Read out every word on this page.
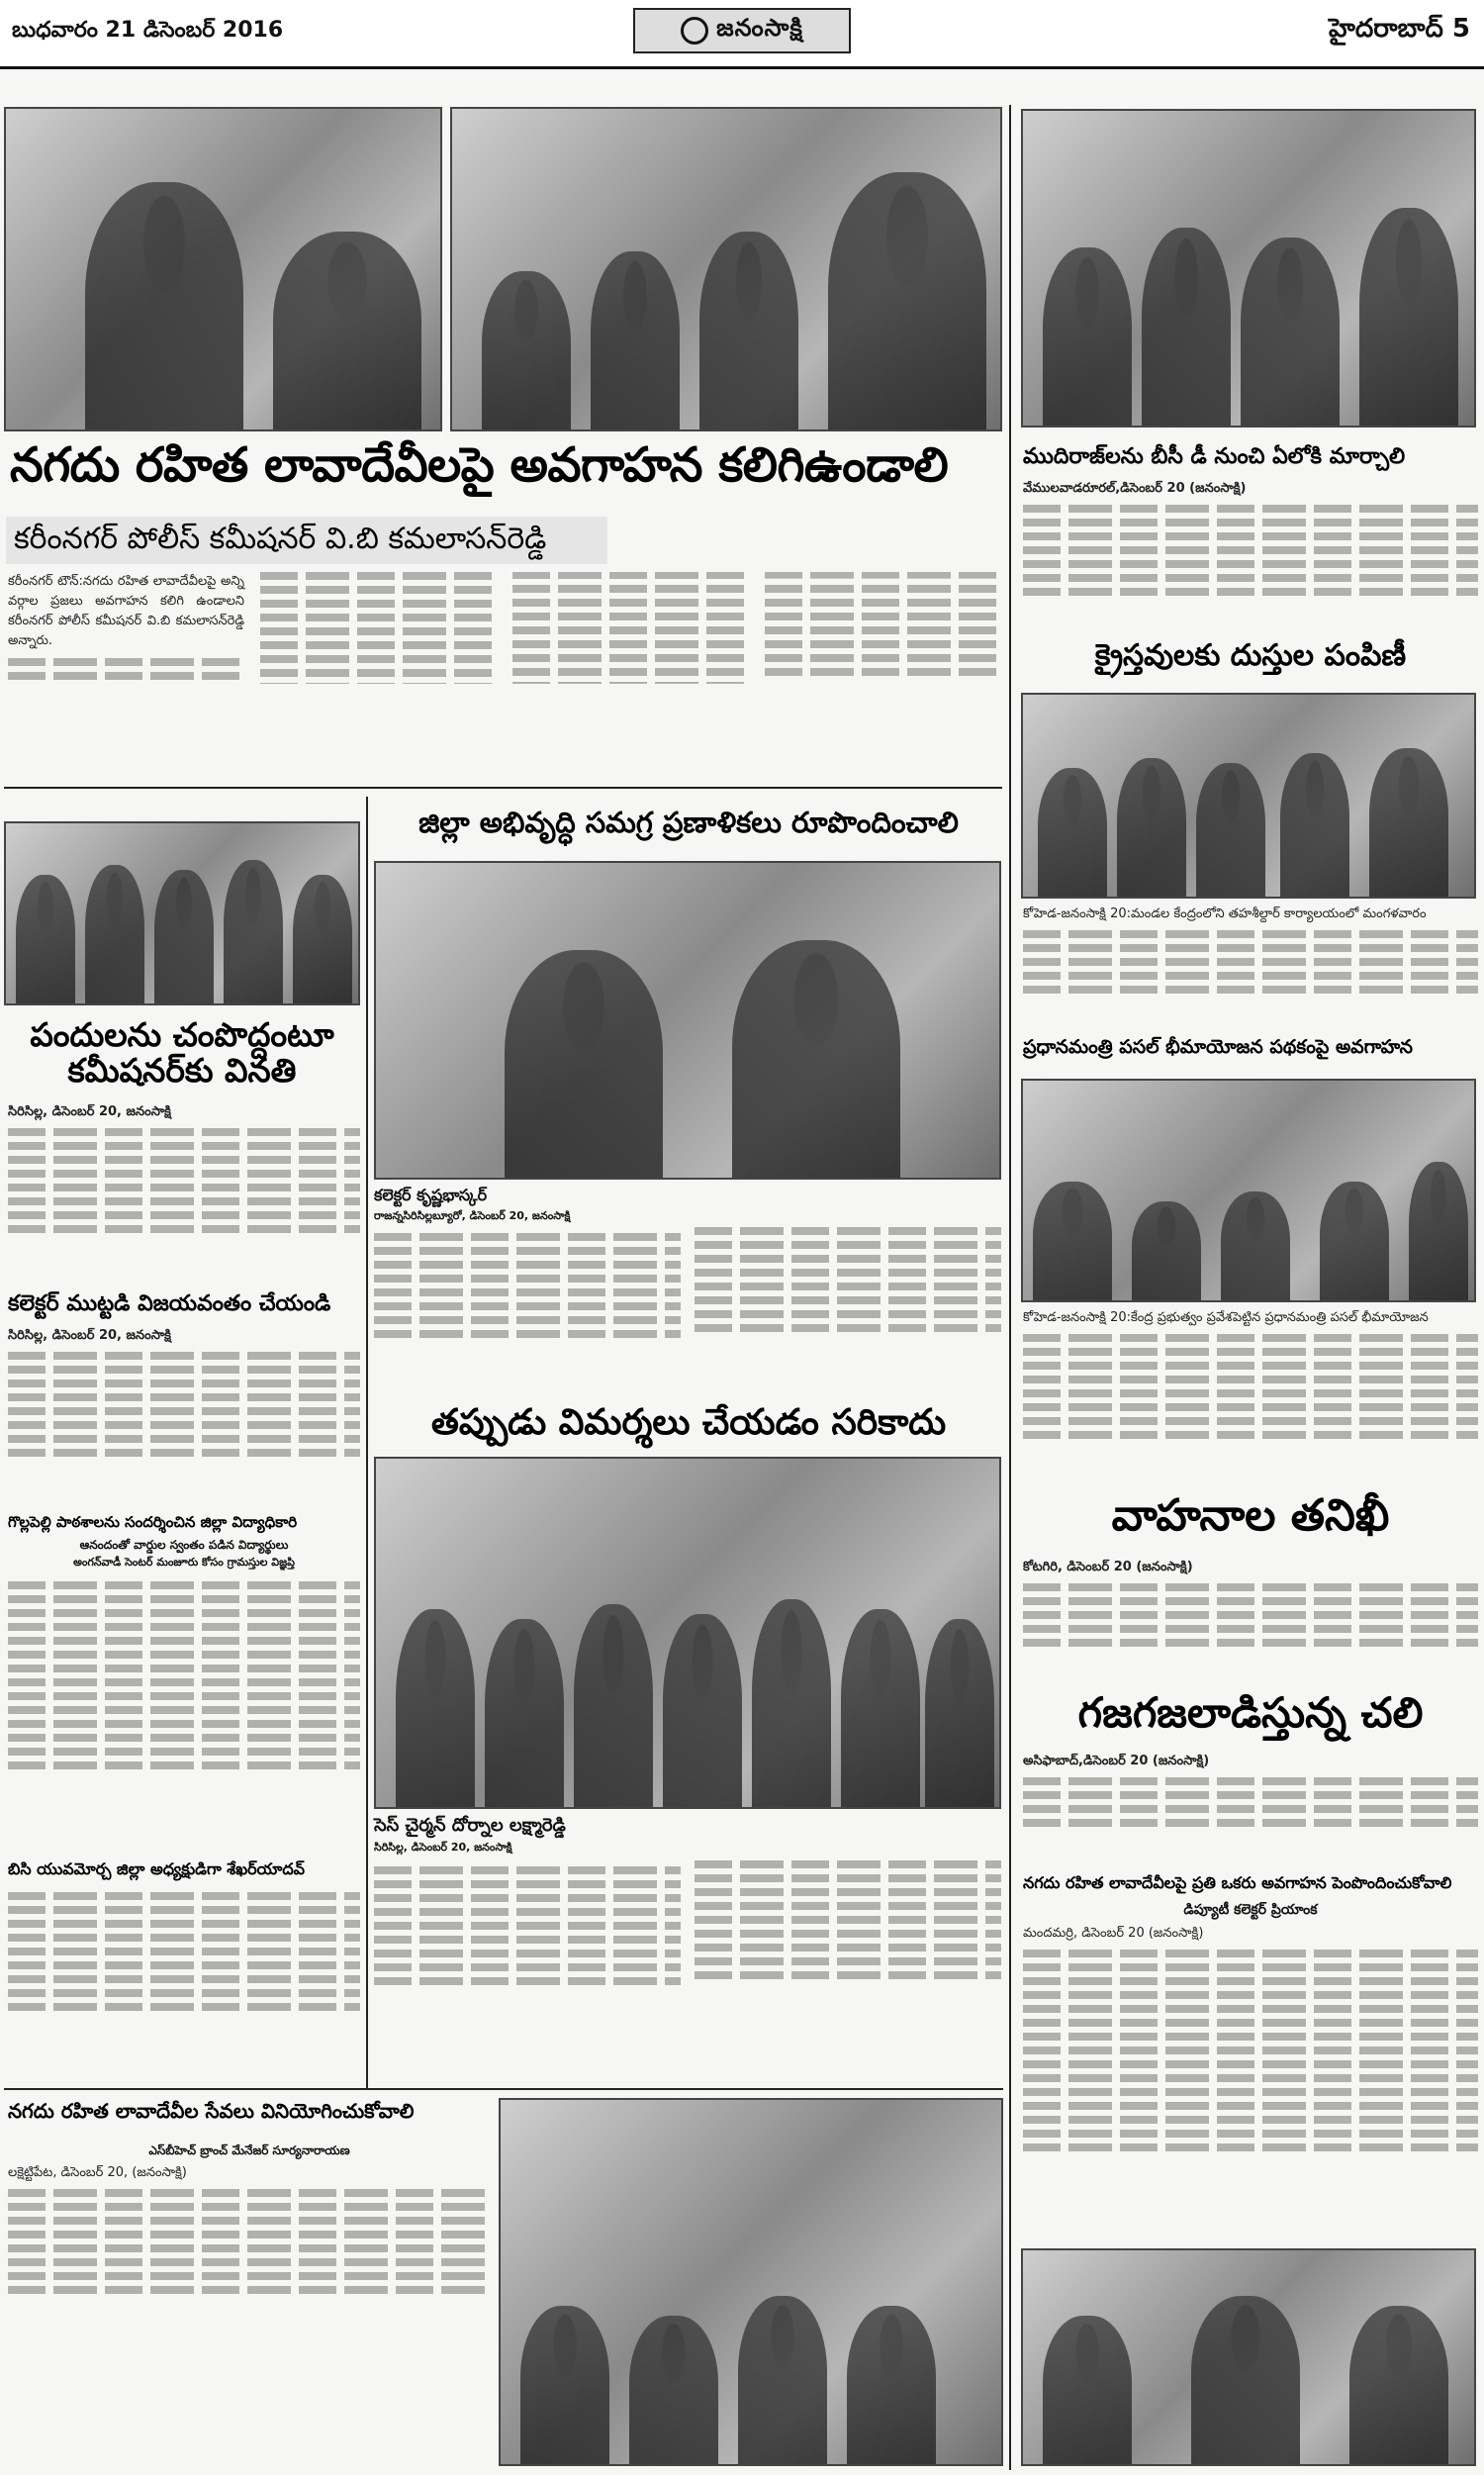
బుధవారం 21 డిసెంబర్ 2016	జనంసాక్షి	హైదరాబాద్ 5
నగదు రహిత లావాదేవీలపై అవగాహన కలిగిఉండాలి
కరీంనగర్ పోలీస్ కమీషనర్ వి.బి కమలాసన్‌రెడ్డి
కరీంనగర్ టౌన్:నగదు రహిత లావాదేవీలపై అన్ని వర్గాల ప్రజలు అవగాహన కలిగి ఉండాలని కరీంనగర్ పోలీస్ కమీషనర్ వి.బి కమలాసన్‌రెడ్డి అన్నారు.
ముదిరాజ్‌లను బీసీ డీ నుంచి ఏలోకి మార్చాలి
వేములవాడరూరల్,డిసెంబర్ 20 (జనంసాక్షి)
క్రైస్తవులకు దుస్తుల పంపిణీ
కోహెడ-జనంసాక్షి 20:మండల కేంద్రంలోని తహశీల్దార్ కార్యాలయంలో మంగళవారం
ప్రధానమంత్రి పసల్ భీమాయోజన పథకంపై అవగాహన
కోహెడ-జనంసాక్షి 20:కేంద్ర ప్రభుత్వం ప్రవేశపెట్టిన ప్రధానమంత్రి పసల్ భీమాయోజన
వాహనాల తనిఖీ
కోటగిరి, డిసెంబర్ 20 (జనంసాక్షి)
గజగజలాడిస్తున్న చలి
అసిఫాబాద్,డిసెంబర్ 20 (జనంసాక్షి)
నగదు రహిత లావాదేవీలపై ప్రతి ఒకరు అవగాహన పెంపొందించుకోవాలి
డిప్యూటీ కలెక్టర్ ప్రియాంక
మందమర్రి, డిసెంబర్ 20 (జనంసాక్షి)
పందులను చంపొద్దంటూ కమీషనర్‌కు వినతి
సిరిసిల్ల, డిసెంబర్ 20, జనంసాక్షి
కలెక్టర్ ముట్టడి విజయవంతం చేయండి
సిరిసిల్ల, డిసెంబర్ 20, జనంసాక్షి
గొల్లపెల్లి పాఠశాలను సందర్శించిన జిల్లా విద్యాధికారి
ఆనందంతో వార్డుల స్వంతం పడిన విద్యార్థులు
అంగన్‌వాడీ సెంటర్ మంజూరు కోసం గ్రామస్తుల విజ్ఞప్తి
బిసి యువమోర్చ జిల్లా అధ్యక్షుడిగా శేఖర్‌యాదవ్
జిల్లా అభివృద్ధి సమగ్ర ప్రణాళికలు రూపొందించాలి
కలెక్టర్ కృష్ణభాస్కర్
రాజన్నసిరిసిల్లబ్యూరో, డిసెంబర్ 20, జనంసాక్షి
తప్పుడు విమర్శలు చేయడం సరికాదు
సెస్ చైర్మన్ దోర్నాల లక్ష్మారెడ్డి
సిరిసిల్ల, డిసెంబర్ 20, జనంసాక్షి
నగదు రహిత లావాదేవీల సేవలు వినియోగించుకోవాలి
ఎస్‌బీహెచ్ బ్రాంచ్ మేనేజర్ సూర్యనారాయణ
లక్షెట్టిపేట, డిసెంబర్ 20, (జనంసాక్షి)
